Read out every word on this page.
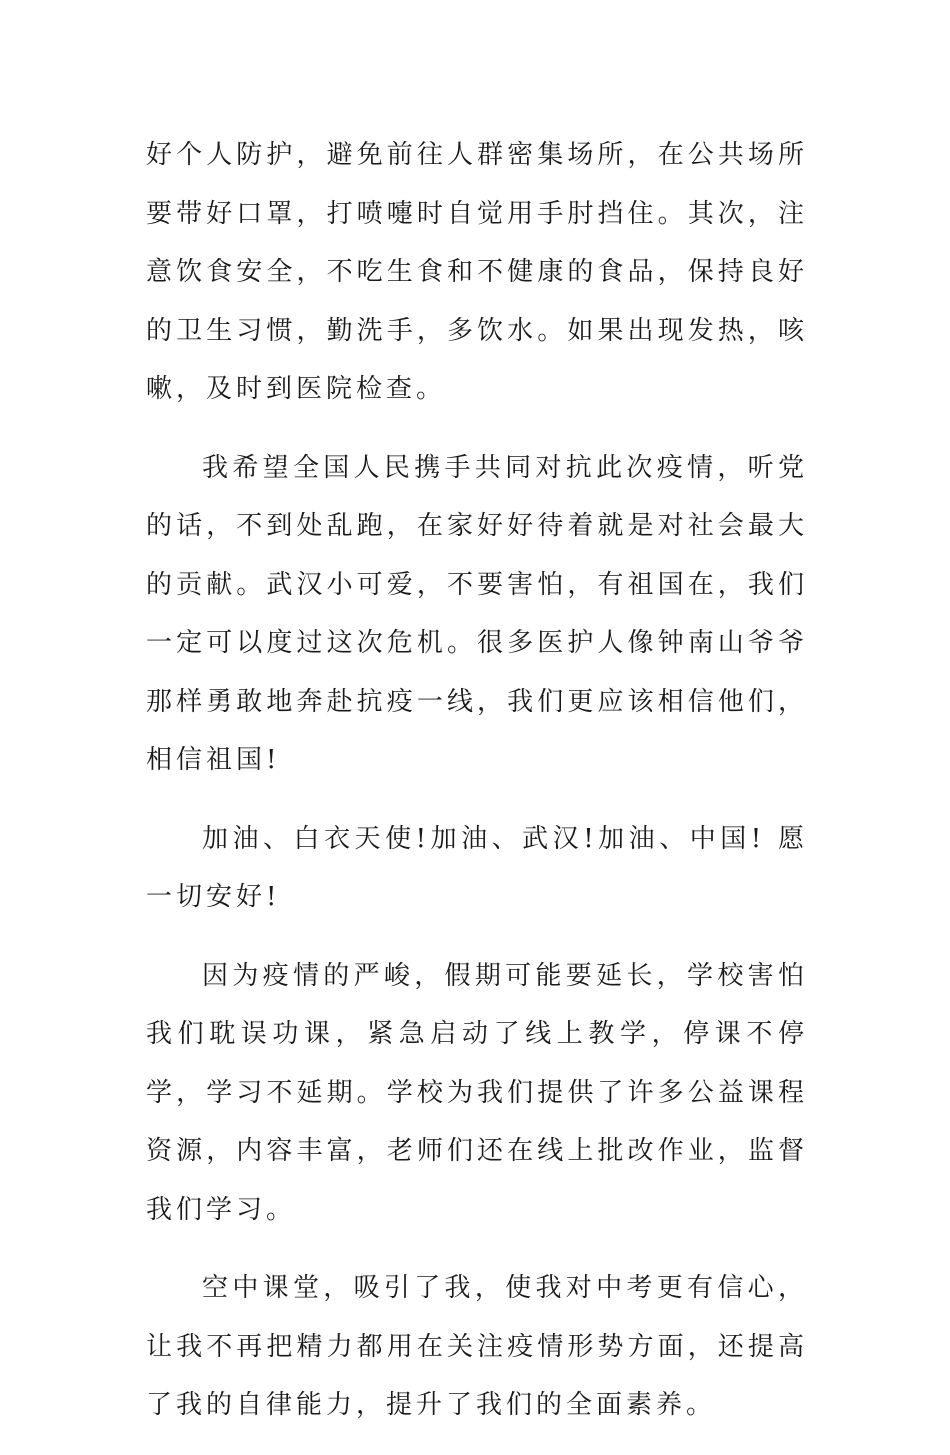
好个人防护，避免前往人群密集场所，在公共场所要带好口罩，打喷嚏时自觉用手肘挡住。其次，注意饮食安全，不吃生食和不健康的食品，保持良好的卫生习惯，勤洗手，多饮水。如果出现发热，咳嗽，及时到医院检查。

我希望全国人民携手共同对抗此次疫情，听党的话，不到处乱跑，在家好好待着就是对社会最大的贡献。武汉小可爱，不要害怕，有祖国在，我们一定可以度过这次危机。很多医护人像钟南山爷爷那样勇敢地奔赴抗疫一线，我们更应该相信他们，相信祖国!

加油、白衣天使!加油、武汉!加油、中国! 愿一切安好!

因为疫情的严峻，假期可能要延长，学校害怕我们耽误功课，紧急启动了线上教学，停课不停学，学习不延期。学校为我们提供了许多公益课程资源，内容丰富，老师们还在线上批改作业，监督我们学习。

空中课堂，吸引了我，使我对中考更有信心，让我不再把精力都用在关注疫情形势方面，还提高了我的自律能力，提升了我们的全面素养。
